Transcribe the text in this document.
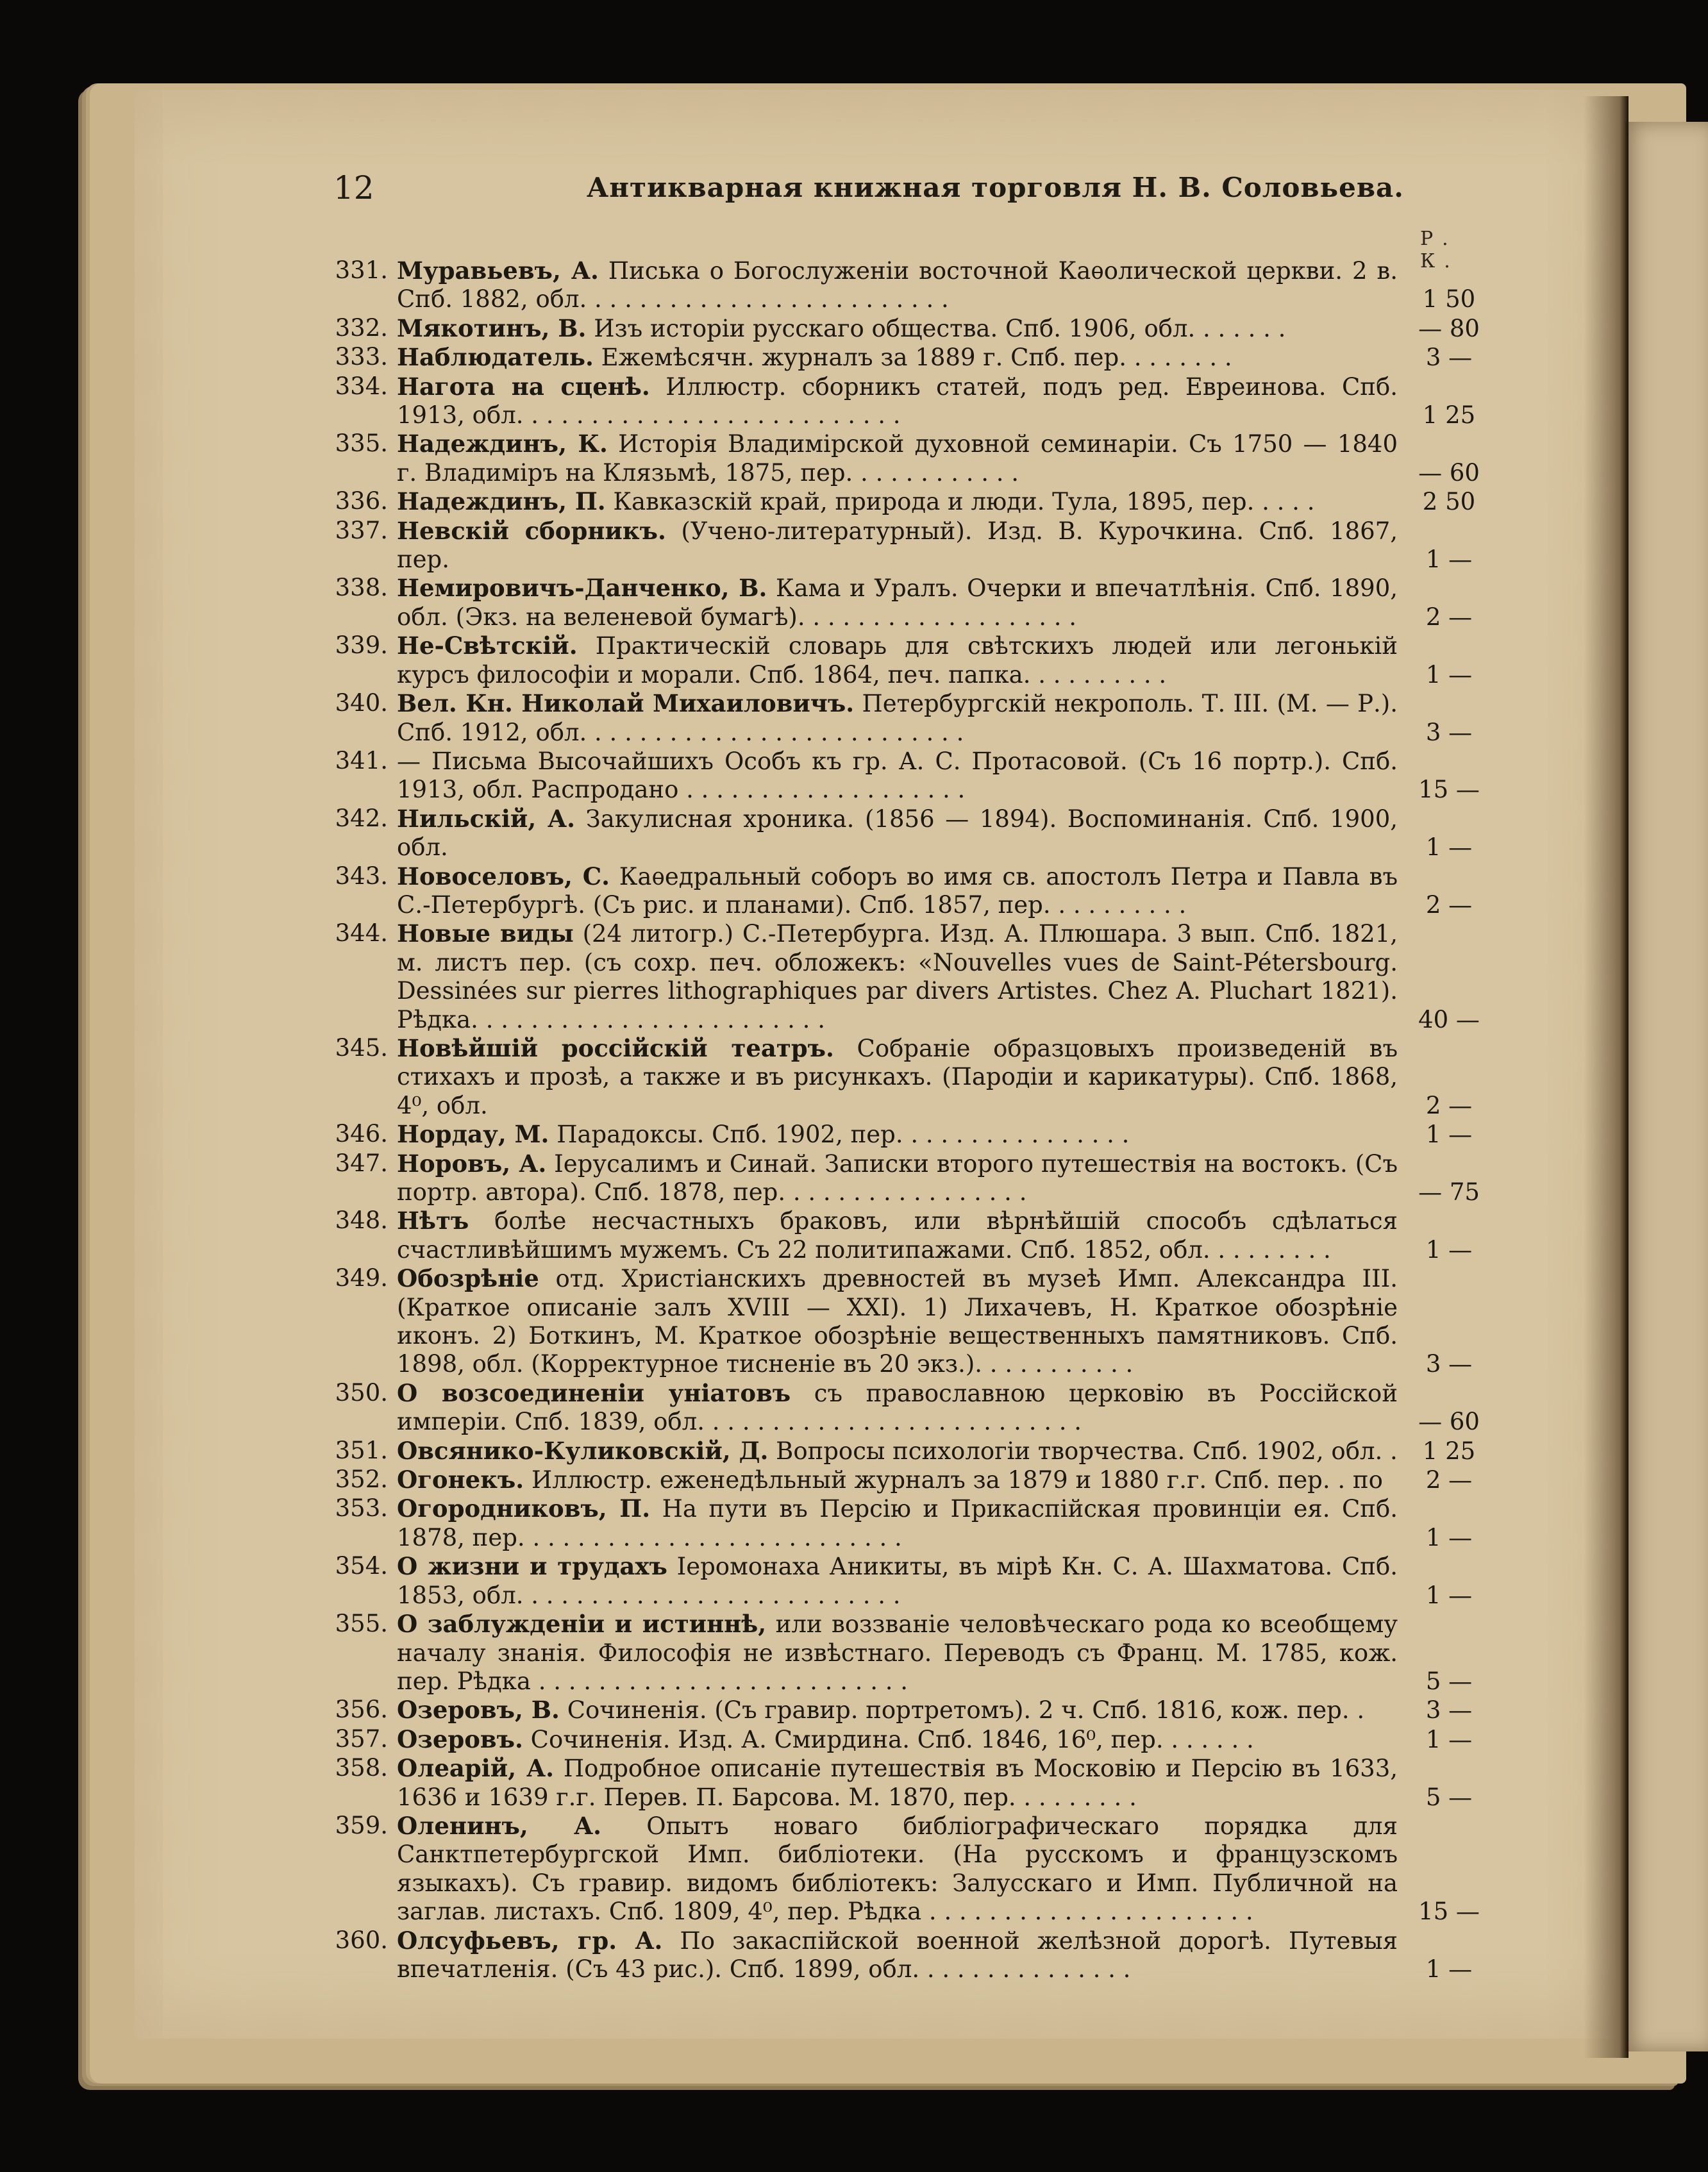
12	Антикварная книжная торговля Н. В. Соловьева.
Р. К.
331. Муравьевъ, А. Писька о Богослуженіи восточной Каѳолической церкви. 2 в. Спб. 1882, обл. . . . . . . . . . . . . . . . . . . . . . . . .	1 50
332. Мякотинъ, В. Изъ исторіи русскаго общества. Спб. 1906, обл. . . . . . .	— 80
333. Наблюдатель. Ежемѣсячн. журналъ за 1889 г. Спб. пер. . . . . . . .	3 —
334. Нагота на сценѣ. Иллюстр. сборникъ статей, подъ ред. Евреинова. Спб. 1913, обл. . . . . . . . . . . . . . . . . . . . . . . . . .	1 25
335. Надеждинъ, К. Исторія Владимірской духовной семинаріи. Съ 1750 — 1840 г. Владиміръ на Клязьмѣ, 1875, пер. . . . . . . . . . . .	— 60
336. Надеждинъ, П. Кавказскій край, природа и люди. Тула, 1895, пер. . . . .	2 50
337. Невскій сборникъ. (Учено-литературный). Изд. В. Курочкина. Спб. 1867, пер.	1 —
338. Немировичъ-Данченко, В. Кама и Уралъ. Очерки и впечатлѣнія. Спб. 1890, обл. (Экз. на веленевой бумагѣ). . . . . . . . . . . . . . . . . . .	2 —
339. Не-Свѣтскій. Практическій словарь для свѣтскихъ людей или легонькій курсъ философіи и морали. Спб. 1864, печ. папка. . . . . . . . . .	1 —
340. Вел. Кн. Николай Михаиловичъ. Петербургскій некрополь. Т. III. (М. — Р.). Спб. 1912, обл. . . . . . . . . . . . . . . . . . . . . . . . . .	3 —
341. — Письма Высочайшихъ Особъ къ гр. А. С. Протасовой. (Съ 16 портр.). Спб. 1913, обл. Распродано . . . . . . . . . . . . . . . . . . .	15 —
342. Нильскій, А. Закулисная хроника. (1856 — 1894). Воспоминанія. Спб. 1900, обл.	1 —
343. Новоселовъ, С. Каѳедральный соборъ во имя св. апостолъ Петра и Павла въ С.-Петербургѣ. (Съ рис. и планами). Спб. 1857, пер. . . . . . . . . .	2 —
344. Новые виды (24 литогр.) С.-Петербурга. Изд. А. Плюшара. 3 вып. Спб. 1821, м. листъ пер. (съ сохр. печ. обложекъ: «Nouvelles vues de Saint-Pétersbourg. Dessinées sur pierres lithographiques par divers Artistes. Chez A. Pluchart 1821). Рѣдка. . . . . . . . . . . . . . . . . . . . . . . .	40 —
345. Новѣйшій россійскій театръ. Собраніе образцовыхъ произведеній въ стихахъ и прозѣ, а также и въ рисункахъ. (Пародіи и карикатуры). Спб. 1868, 4⁰, обл.	2 —
346. Нордау, М. Парадоксы. Спб. 1902, пер. . . . . . . . . . . . . . . .	1 —
347. Норовъ, А. Іерусалимъ и Синай. Записки второго путешествія на востокъ. (Съ портр. автора). Спб. 1878, пер. . . . . . . . . . . . . . . . .	— 75
348. Нѣтъ болѣе несчастныхъ браковъ, или вѣрнѣйшій способъ сдѣлаться счастливѣйшимъ мужемъ. Съ 22 политипажами. Спб. 1852, обл. . . . . . . . .	1 —
349. Обозрѣніе отд. Христіанскихъ древностей въ музеѣ Имп. Александра III. (Краткое описаніе залъ XVIII — XXI). 1) Лихачевъ, Н. Краткое обозрѣніе иконъ. 2) Боткинъ, М. Краткое обозрѣніе вещественныхъ памятниковъ. Спб. 1898, обл. (Корректурное тисненіе въ 20 экз.). . . . . . . . . . .	3 —
350. О возсоединеніи уніатовъ съ православною церковію въ Россійской имперіи. Спб. 1839, обл. . . . . . . . . . . . . . . . . . . . . . . . . .	— 60
351. Овсянико-Куликовскій, Д. Вопросы психологіи творчества. Спб. 1902, обл. .	1 25
352. Огонекъ. Иллюстр. еженедѣльный журналъ за 1879 и 1880 г.г. Спб. пер. . по	2 —
353. Огородниковъ, П. На пути въ Персію и Прикаспійская провинціи ея. Спб. 1878, пер. . . . . . . . . . . . . . . . . . . . . . . . . .	1 —
354. О жизни и трудахъ Іеромонаха Аникиты, въ мірѣ Кн. С. А. Шахматова. Спб. 1853, обл. . . . . . . . . . . . . . . . . . . . . . . . . .	1 —
355. О заблужденіи и истиннѣ, или воззваніе человѣческаго рода ко всеобщему началу знанія. Философія не извѣстнаго. Переводъ съ Франц. М. 1785, кож. пер. Рѣдка . . . . . . . . . . . . . . . . . . . . . . . . .	5 —
356. Озеровъ, В. Сочиненія. (Съ гравир. портретомъ). 2 ч. Спб. 1816, кож. пер. .	3 —
357. Озеровъ. Сочиненія. Изд. А. Смирдина. Спб. 1846, 16⁰, пер. . . . . . .	1 —
358. Олеарій, А. Подробное описаніе путешествія въ Московію и Персію въ 1633, 1636 и 1639 г.г. Перев. П. Барсова. М. 1870, пер. . . . . . . . .	5 —
359. Оленинъ, А. Опытъ новаго библіографическаго порядка для Санктпетербургской Имп. библіотеки. (На русскомъ и французскомъ языкахъ). Съ гравир. видомъ библіотекъ: Залусскаго и Имп. Публичной на заглав. листахъ. Спб. 1809, 4⁰, пер. Рѣдка . . . . . . . . . . . . . . . . . . . . . .	15 —
360. Олсуфьевъ, гр. А. По закаспійской военной желѣзной дорогѣ. Путевыя впечатленія. (Съ 43 рис.). Спб. 1899, обл. . . . . . . . . . . . . . .	1 —
